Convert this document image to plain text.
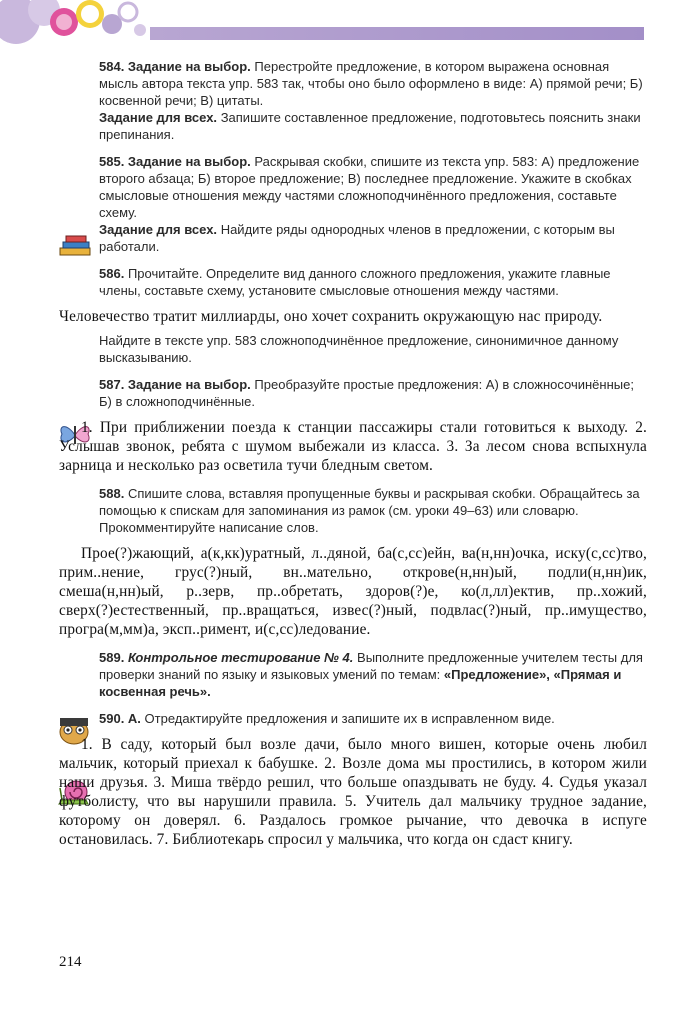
584. Задание на выбор. Перестройте предложение, в котором выражена основная мысль автора текста упр. 583 так, чтобы оно было оформлено в виде: А) прямой речи; Б) косвенной речи; В) цитаты.

Задание для всех. Запишите составленное предложение, подготовьтесь пояснить знаки препинания.

585. Задание на выбор. Раскрывая скобки, спишите из текста упр. 583: А) предложение второго абзаца; Б) второе предложение; В) последнее предложение. Укажите в скобках смысловые отношения между частями сложноподчинённого предложения, составьте схему.

Задание для всех. Найдите ряды однородных членов в предложении, с которым вы работали.

586. Прочитайте. Определите вид данного сложного предложения, укажите главные члены, составьте схему, установите смысловые отношения между частями.

Человечество тратит миллиарды, оно хочет сохранить окружающую нас природу.

Найдите в тексте упр. 583 сложноподчинённое предложение, синонимичное данному высказыванию.

587. Задание на выбор. Преобразуйте простые предложения: А) в сложносочинённые; Б) в сложноподчинённые.

1. При приближении поезда к станции пассажиры стали готовиться к выходу. 2. Услышав звонок, ребята с шумом выбежали из класса. 3. За лесом снова вспыхнула зарница и несколько раз осветила тучи бледным светом.

588. Спишите слова, вставляя пропущенные буквы и раскрывая скобки. Обращайтесь за помощью к спискам для запоминания из рамок (см. уроки 49–63) или словарю. Прокомментируйте написание слов.

Прое(?)жающий, а(к,кк)уратный, л..дяной, ба(с,сс)ейн, ва(н,нн)очка, иску(с,сс)тво, прим..нение, грус(?)ный, вн..мательно, открове(н,нн)ый, подли(н,нн)ик, смеша(н,нн)ый, р..зерв, пр..обретать, здоров(?)е, ко(л,лл)ектив, пр..хожий, сверх(?)естественный, пр..вращаться, извес(?)ный, подвлас(?)ный, пр..имущество, програ(м,мм)а, эксп..римент, и(с,сс)ледование.

589. Контрольное тестирование № 4. Выполните предложенные учителем тесты для проверки знаний по языку и языковых умений по темам: «Предложение», «Прямая и косвенная речь».

590. А. Отредактируйте предложения и запишите их в исправленном виде.

1. В саду, который был возле дачи, было много вишен, которые очень любил мальчик, который приехал к бабушке. 2. Возле дома мы простились, в котором жили наши друзья. 3. Миша твёрдо решил, что больше опаздывать не буду. 4. Судья указал футболисту, что вы нарушили правила. 5. Учитель дал мальчику трудное задание, которому он доверял. 6. Раздалось громкое рычание, что девочка в испуге остановилась. 7. Библиотекарь спросил у мальчика, что когда он сдаст книгу.

214
